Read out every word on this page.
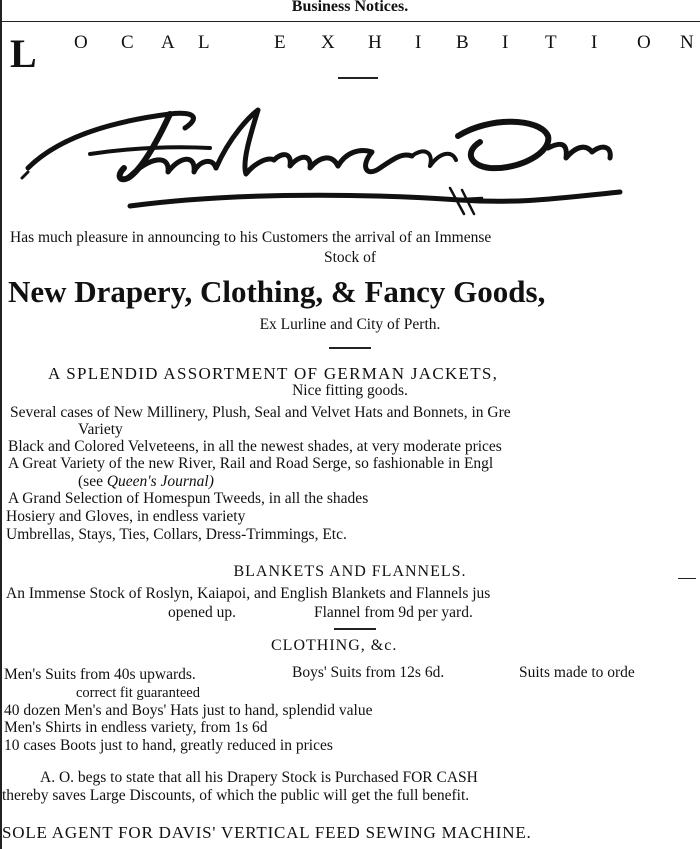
Business Notices.
L O C A L	E X H I B I T I O N
Has much pleasure in announcing to his Customers the arrival of an Immense
Stock of
New Drapery, Clothing, & Fancy Goods,
Ex Lurline and City of Perth.
A SPLENDID ASSORTMENT OF GERMAN JACKETS,
Nice fitting goods.
Several cases of New Millinery, Plush, Seal and Velvet Hats and Bonnets, in Gre
Variety
Black and Colored Velveteens, in all the newest shades, at very moderate prices
A Great Variety of the new River, Rail and Road Serge, so fashionable in Engl
(see Queen's Journal)
A Grand Selection of Homespun Tweeds, in all the shades
Hosiery and Gloves, in endless variety
Umbrellas, Stays, Ties, Collars, Dress-Trimmings, Etc.
BLANKETS AND FLANNELS.
An Immense Stock of Roslyn, Kaiapoi, and English Blankets and Flannels jus
opened up.	Flannel from 9d per yard.
CLOTHING, &c.
Men's Suits from 40s upwards.	Boys' Suits from 12s 6d.	Suits made to orde
correct fit guaranteed
40 dozen Men's and Boys' Hats just to hand, splendid value
Men's Shirts in endless variety, from 1s 6d
10 cases Boots just to hand, greatly reduced in prices
A. O. begs to state that all his Drapery Stock is Purchased FOR CASH
thereby saves Large Discounts, of which the public will get the full benefit.
SOLE AGENT FOR DAVIS' VERTICAL FEED SEWING MACHINE.
